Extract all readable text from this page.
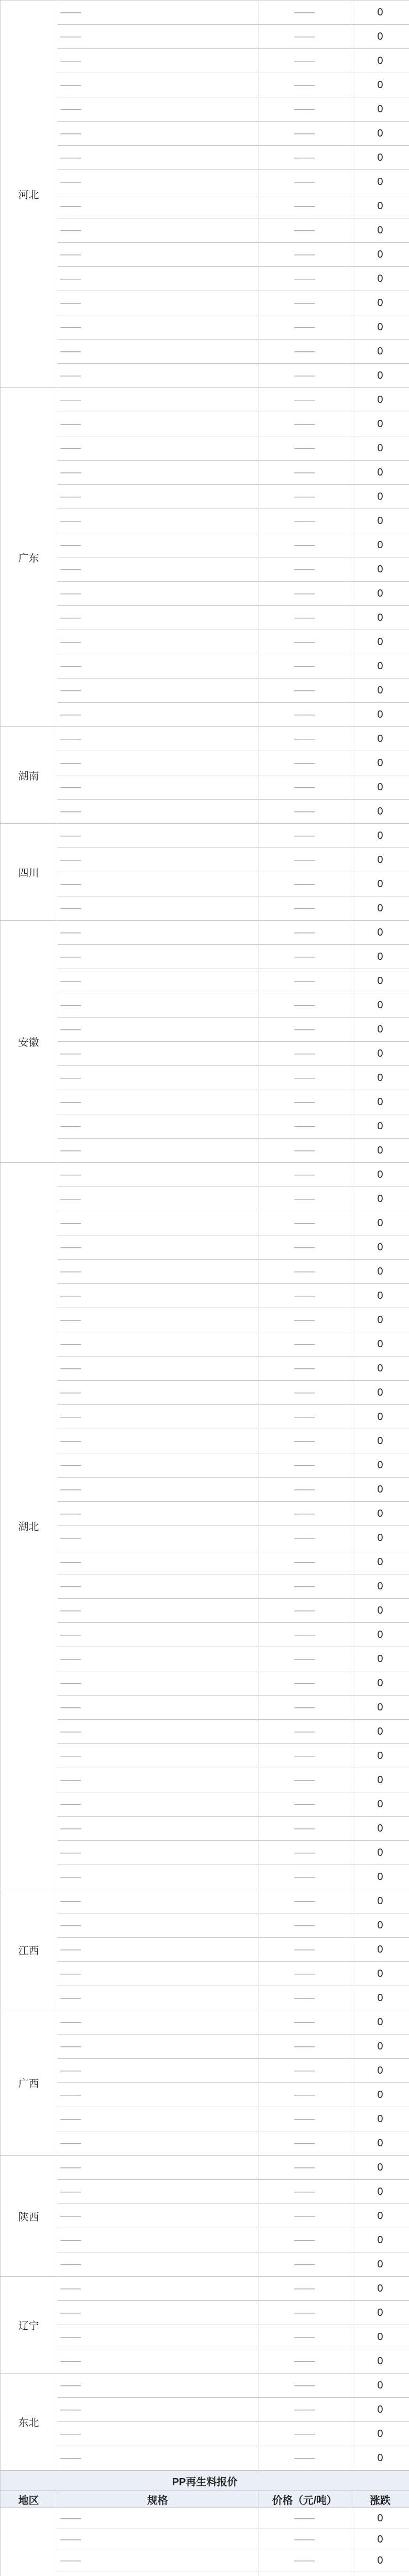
河北	——	——	0
	——	——	0
	——	——	0
	——	——	0
	——	——	0
	——	——	0
	——	——	0
	——	——	0
	——	——	0
	——	——	0
	——	——	0
	——	——	0
	——	——	0
	——	——	0
	——	——	0
	——	——	0
广东	——	——	0
	——	——	0
	——	——	0
	——	——	0
	——	——	0
	——	——	0
	——	——	0
	——	——	0
	——	——	0
	——	——	0
	——	——	0
	——	——	0
	——	——	0
	——	——	0
湖南	——	——	0
	——	——	0
	——	——	0
	——	——	0
四川	——	——	0
	——	——	0
	——	——	0
	——	——	0
安徽	——	——	0
	——	——	0
	——	——	0
	——	——	0
	——	——	0
	——	——	0
	——	——	0
	——	——	0
	——	——	0
	——	——	0
湖北	——	——	0
	——	——	0
	——	——	0
	——	——	0
	——	——	0
	——	——	0
	——	——	0
	——	——	0
	——	——	0
	——	——	0
	——	——	0
	——	——	0
	——	——	0
	——	——	0
	——	——	0
	——	——	0
	——	——	0
	——	——	0
	——	——	0
	——	——	0
	——	——	0
	——	——	0
	——	——	0
	——	——	0
	——	——	0
	——	——	0
	——	——	0
	——	——	0
	——	——	0
	——	——	0
江西	——	——	0
	——	——	0
	——	——	0
	——	——	0
	——	——	0
广西	——	——	0
	——	——	0
	——	——	0
	——	——	0
	——	——	0
	——	——	0
陕西	——	——	0
	——	——	0
	——	——	0
	——	——	0
	——	——	0
辽宁	——	——	0
	——	——	0
	——	——	0
	——	——	0
东北	——	——	0
	——	——	0
	——	——	0
	——	——	0
PP再生料报价			
地区	规格	价格（元/吨）	涨跌
	——	——	0
	——	——	0
	——	——	0
